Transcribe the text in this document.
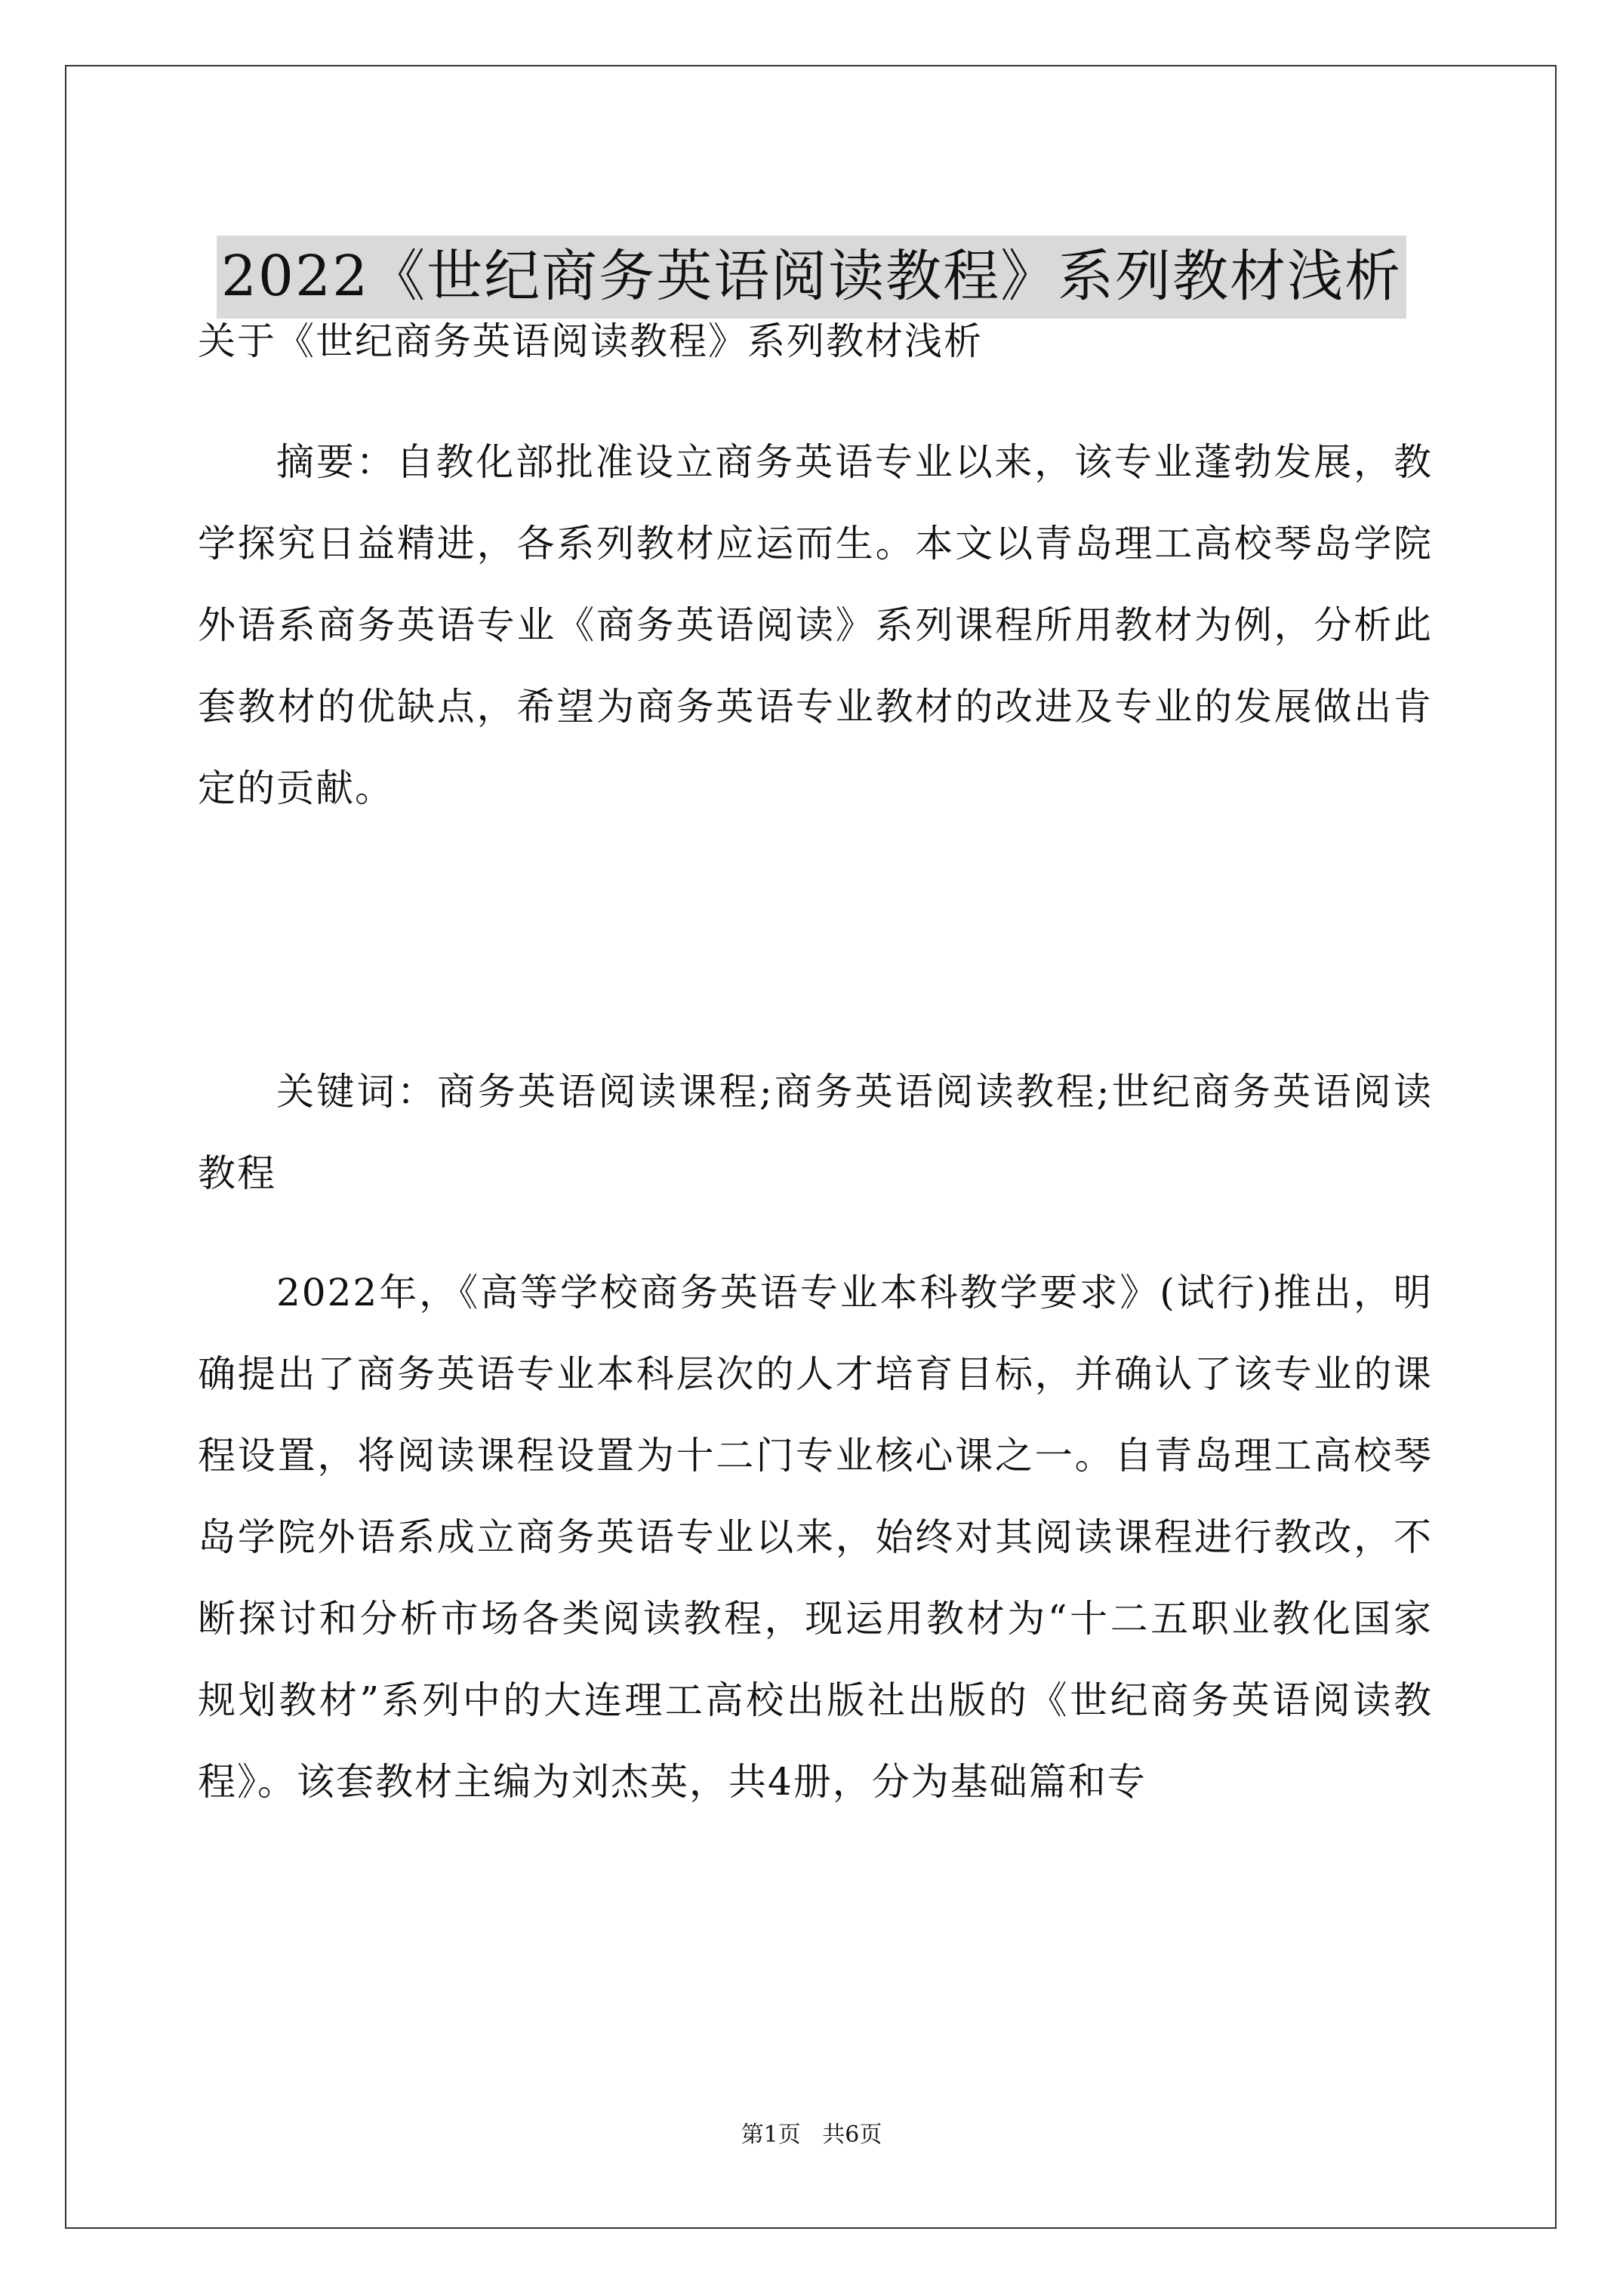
2022《世纪商务英语阅读教程》系列教材浅析

关于《世纪商务英语阅读教程》系列教材浅析

摘要：自教化部批准设立商务英语专业以来，该专业蓬勃发展，教学探究日益精进，各系列教材应运而生。本文以青岛理工高校琴岛学院外语系商务英语专业《商务英语阅读》系列课程所用教材为例，分析此套教材的优缺点，希望为商务英语专业教材的改进及专业的发展做出肯定的贡献。

关键词：商务英语阅读课程;商务英语阅读教程;世纪商务英语阅读教程

2022年，《高等学校商务英语专业本科教学要求》(试行)推出，明确提出了商务英语专业本科层次的人才培育目标，并确认了该专业的课程设置，将阅读课程设置为十二门专业核心课之一。自青岛理工高校琴岛学院外语系成立商务英语专业以来，始终对其阅读课程进行教改，不断探讨和分析市场各类阅读教程，现运用教材为“十二五职业教化国家规划教材”系列中的大连理工高校出版社出版的《世纪商务英语阅读教程》。该套教材主编为刘杰英，共4册，分为基础篇和专

第1页 共6页
